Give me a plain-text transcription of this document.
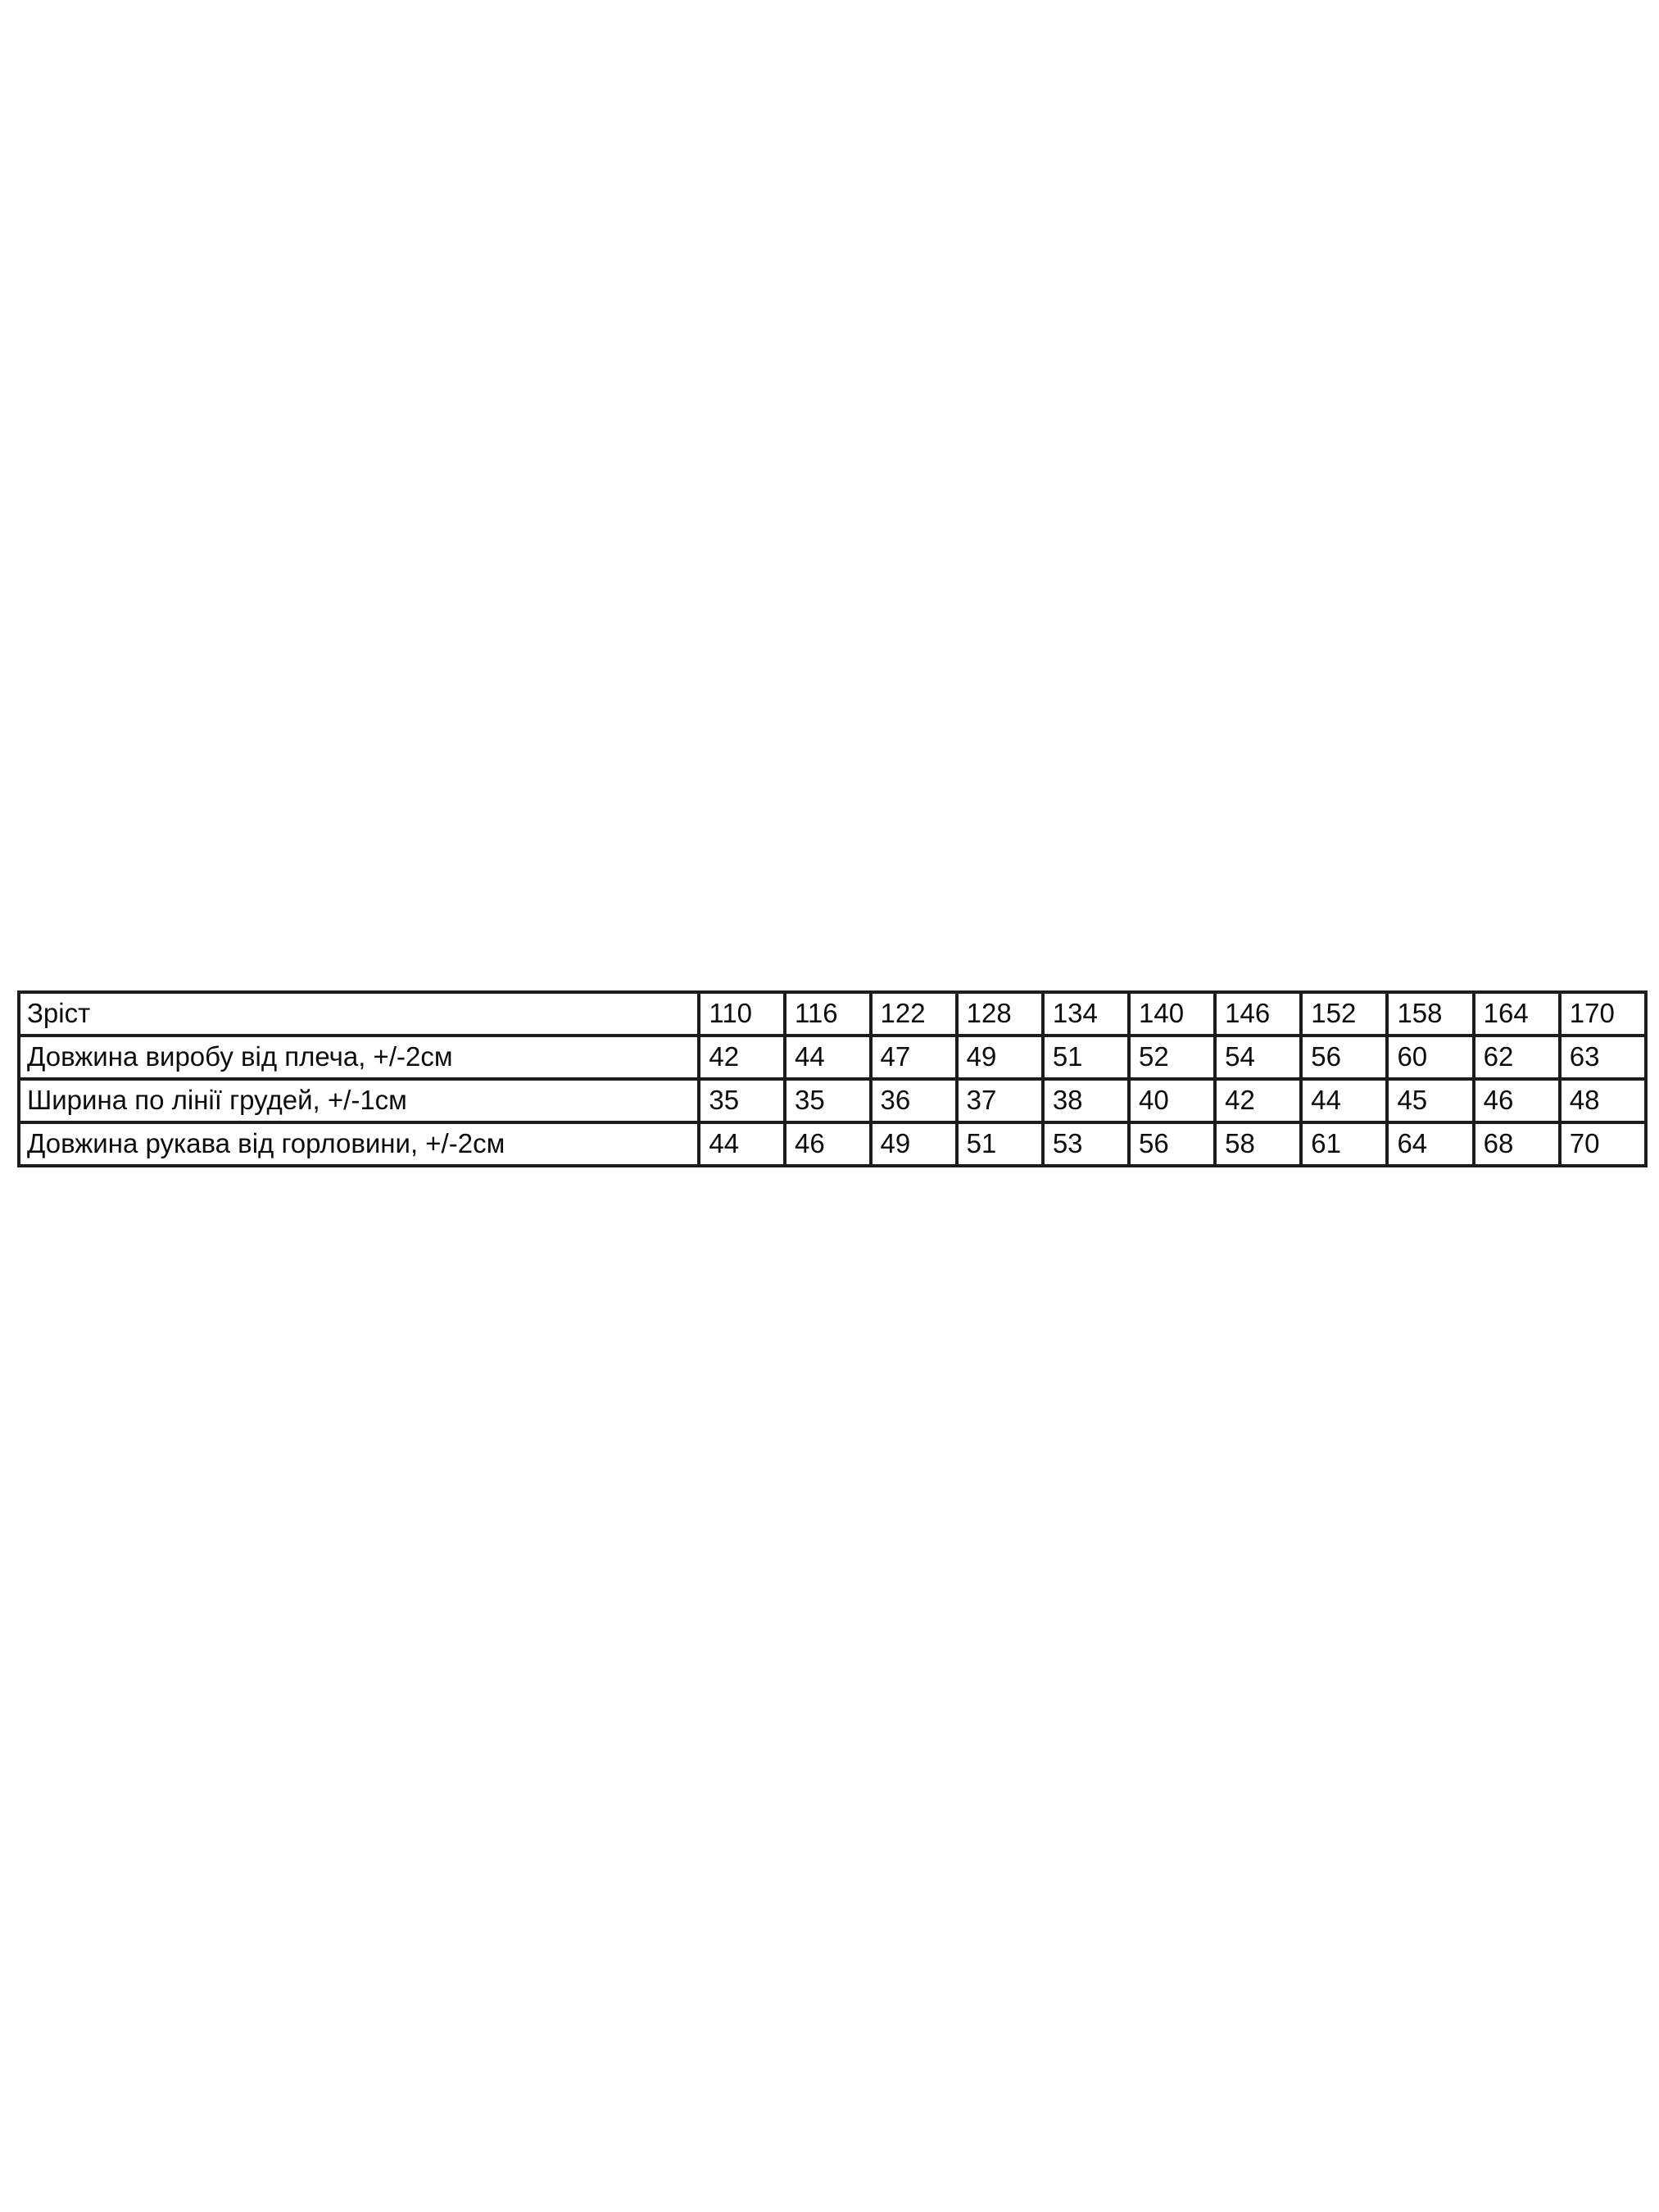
Зріст	110	116	122	128	134	140	146	152	158	164	170
Довжина виробу від плеча, +/-2см	42	44	47	49	51	52	54	56	60	62	63
Ширина по лінії грудей, +/-1см	35	35	36	37	38	40	42	44	45	46	48
Довжина рукава від горловини, +/-2см	44	46	49	51	53	56	58	61	64	68	70
